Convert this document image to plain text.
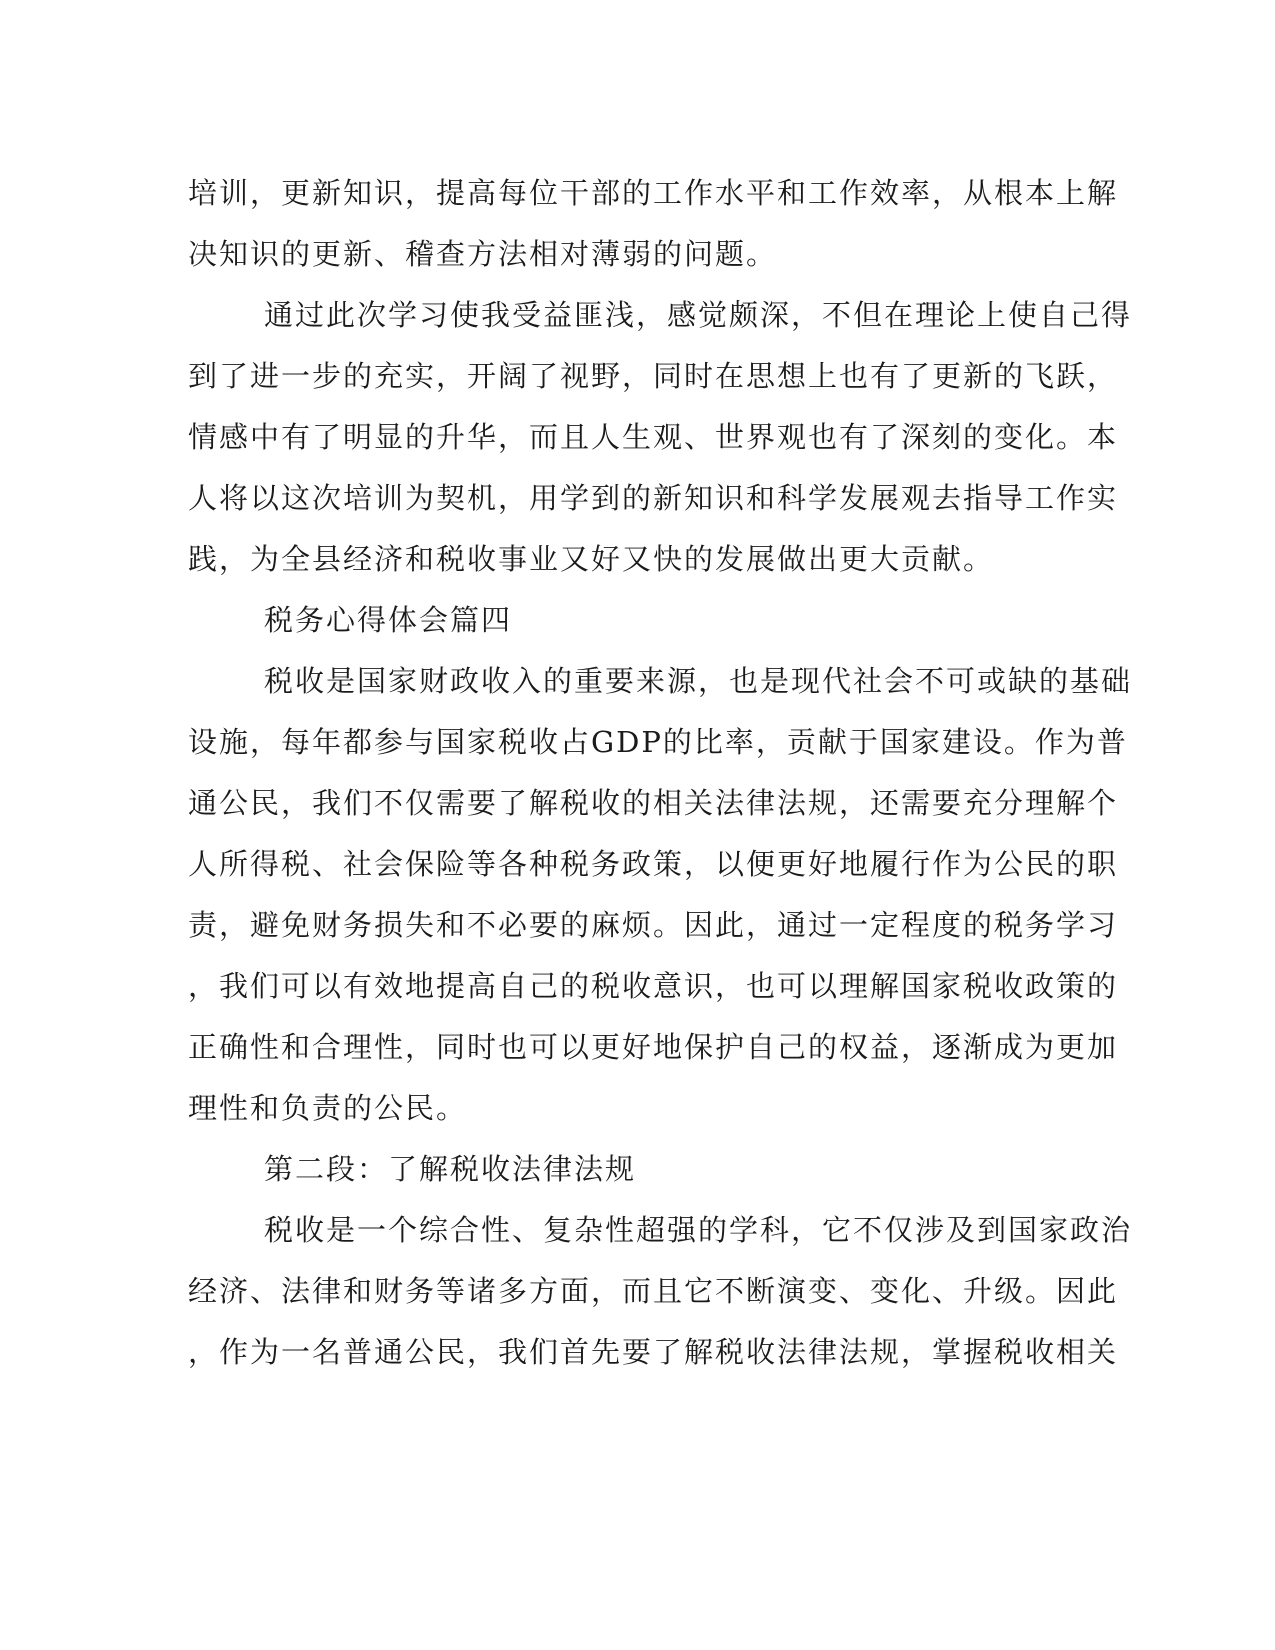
培训，更新知识，提高每位干部的工作水平和工作效率，从根本上解
决知识的更新、稽查方法相对薄弱的问题。
通过此次学习使我受益匪浅，感觉颇深，不但在理论上使自己得
到了进一步的充实，开阔了视野，同时在思想上也有了更新的飞跃，
情感中有了明显的升华，而且人生观、世界观也有了深刻的变化。本
人将以这次培训为契机，用学到的新知识和科学发展观去指导工作实
践，为全县经济和税收事业又好又快的发展做出更大贡献。
税务心得体会篇四
税收是国家财政收入的重要来源，也是现代社会不可或缺的基础
设施，每年都参与国家税收占GDP的比率，贡献于国家建设。作为普
通公民，我们不仅需要了解税收的相关法律法规，还需要充分理解个
人所得税、社会保险等各种税务政策，以便更好地履行作为公民的职
责，避免财务损失和不必要的麻烦。因此，通过一定程度的税务学习
，我们可以有效地提高自己的税收意识，也可以理解国家税收政策的
正确性和合理性，同时也可以更好地保护自己的权益，逐渐成为更加
理性和负责的公民。
第二段：了解税收法律法规
税收是一个综合性、复杂性超强的学科，它不仅涉及到国家政治
经济、法律和财务等诸多方面，而且它不断演变、变化、升级。因此
，作为一名普通公民，我们首先要了解税收法律法规，掌握税收相关
